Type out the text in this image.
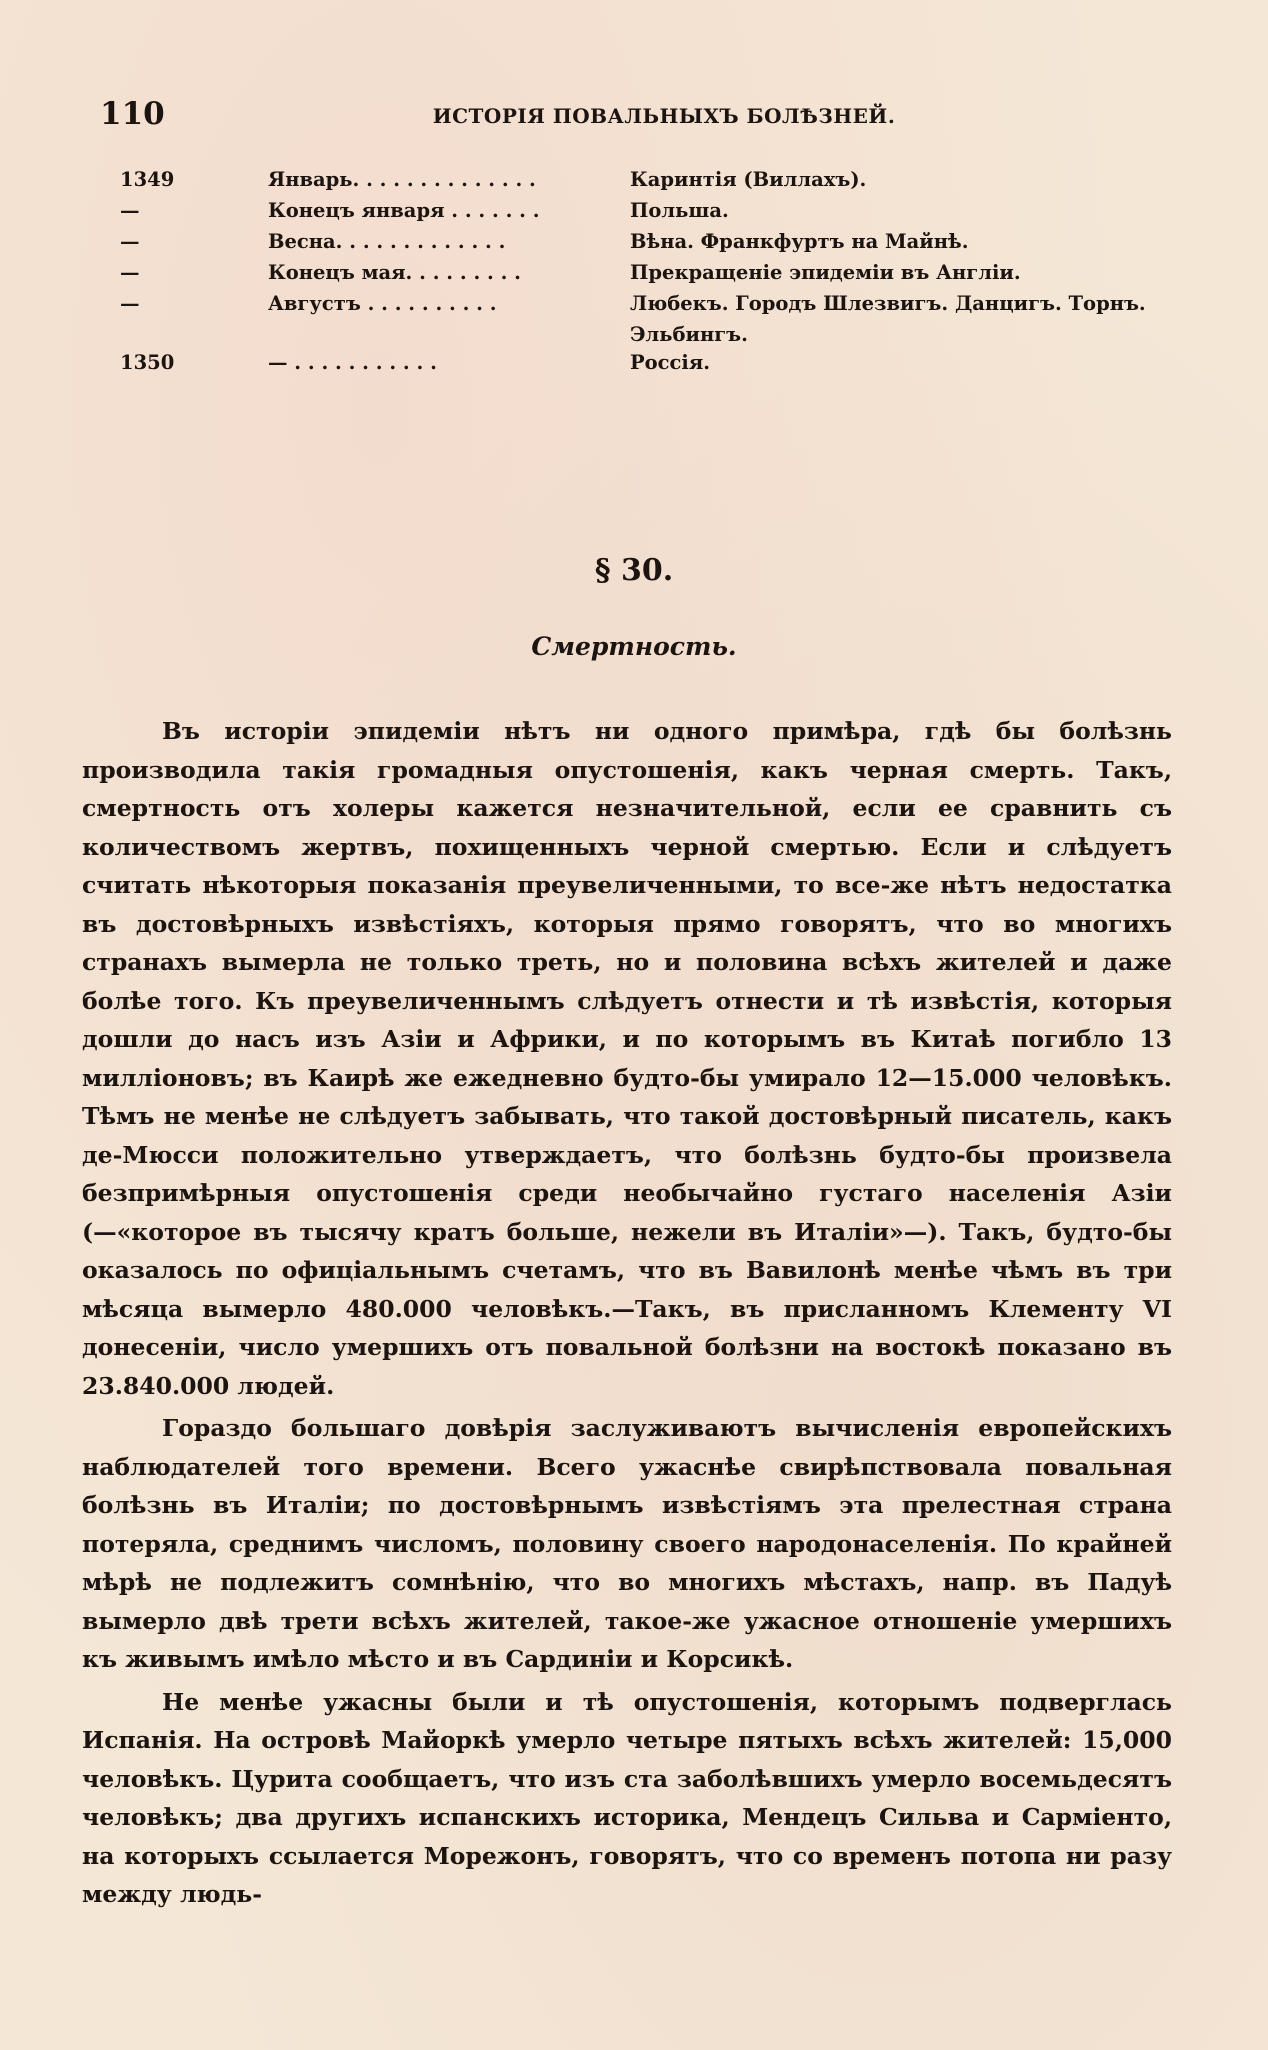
110	ИСТОРIЯ ПОВАЛЬНЫХЪ БОЛѢЗНЕЙ.
1349	Январь. . . . . . . . . . . . . .	Каринтія (Виллахъ).
—	Конецъ января . . . . . . .	Польша.
—	Весна. . . . . . . . . . . . .	Вѣна. Франкфуртъ на Майнѣ.
—	Конецъ мая. . . . . . . . .	Прекращеніе эпидеміи въ Англіи.
—	Августъ . . . . . . . . . .	Любекъ. Городъ Шлезвигъ. Данцигъ. Торнъ.
Эльбингъ.
1350	— . . . . . . . . . . .	Россія.
§ 30.
Смертность.

Въ исторіи эпидеміи нѣтъ ни одного примѣра, гдѣ бы болѣзнь производила такія громадныя опустошенія, какъ черная смерть. Такъ, смертность отъ холеры кажется незначительной, если ее сравнить съ количествомъ жертвъ, похищенныхъ черной смертью. Если и слѣдуетъ считать нѣкоторыя показанія преувеличенными, то все-же нѣтъ недостатка въ достовѣрныхъ извѣстіяхъ, которыя прямо говорятъ, что во многихъ странахъ вымерла не только треть, но и половина всѣхъ жителей и даже болѣе того. Къ преувеличеннымъ слѣдуетъ отнести и тѣ извѣстія, которыя дошли до насъ изъ Азіи и Африки, и по которымъ въ Китаѣ погибло 13 миллiоновъ; въ Каирѣ же ежедневно будто-бы умирало 12—15.000 человѣкъ. Тѣмъ не менѣе не слѣдуетъ забывать, что такой достовѣрный писатель, какъ де-Мюсси положительно утверждаетъ, что болѣзнь будто-бы произвела безпримѣрныя опустошенія среди необычайно густаго населенія Азіи (—«которое въ тысячу кратъ больше, нежели въ Италіи»—). Такъ, будто-бы оказалось по офиціальнымъ счетамъ, что въ Вавилонѣ менѣе чѣмъ въ три мѣсяца вымерло 480.000 человѣкъ.—Такъ, въ присланномъ Клементу VI донесеніи, число умершихъ отъ повальной болѣзни на востокѣ показано въ 23.840.000 людей.

Гораздо большаго довѣрія заслуживаютъ вычисленія европейскихъ наблюдателей того времени. Всего ужаснѣе свирѣпствовала повальная болѣзнь въ Италіи; по достовѣрнымъ извѣстіямъ эта прелестная страна потеряла, среднимъ числомъ, половину своего народонаселенія. По крайней мѣрѣ не подлежитъ сомнѣнію, что во многихъ мѣстахъ, напр. въ Падуѣ вымерло двѣ трети всѣхъ жителей, такое-же ужасное отношеніе умершихъ къ живымъ имѣло мѣсто и въ Сардиніи и Корсикѣ.

Не менѣе ужасны были и тѣ опустошенія, которымъ подверглась Испанія. На островѣ Майоркѣ умерло четыре пятыхъ всѣхъ жителей: 15,000 человѣкъ. Цурита сообщаетъ, что изъ ста заболѣвшихъ умерло восемьдесятъ человѣкъ; два другихъ испанскихъ историка, Мендецъ Сильва и Сарміенто, на которыхъ ссылается Морежонъ, говорятъ, что со временъ потопа ни разу между людь-
